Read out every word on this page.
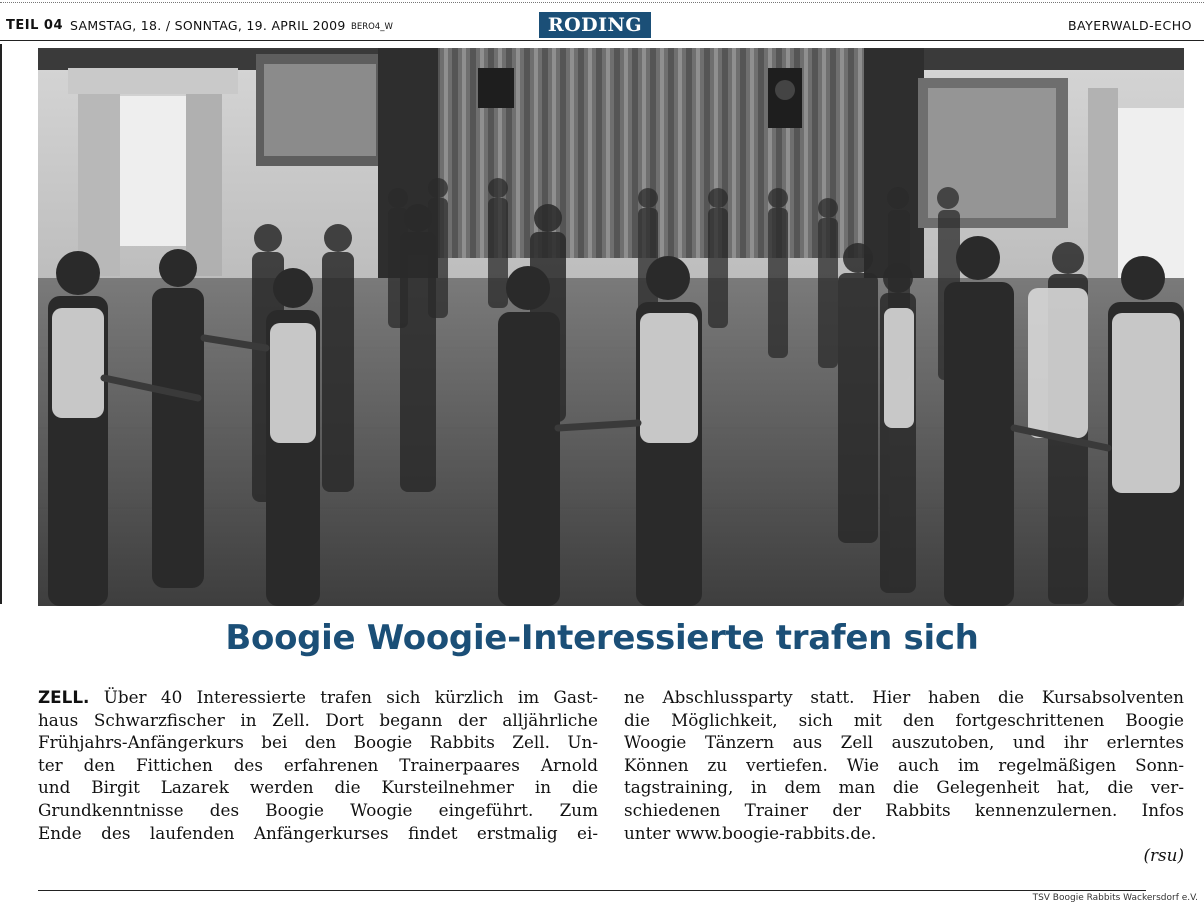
TEIL 04 SAMSTAG, 18. / SONNTAG, 19. APRIL 2009 BERO4_W	RODING	BAYERWALD-ECHO
Boogie Woogie-Interessierte trafen sich
ZELL. Über 40 Interessierte trafen sich kürzlich im Gast-
haus Schwarzfischer in Zell. Dort begann der alljährliche
Frühjahrs-Anfängerkurs bei den Boogie Rabbits Zell. Un-
ter den Fittichen des erfahrenen Trainerpaares Arnold
und Birgit Lazarek werden die Kursteilnehmer in die
Grundkenntnisse des Boogie Woogie eingeführt. Zum
Ende des laufenden Anfängerkurses findet erstmalig ei-
ne Abschlussparty statt. Hier haben die Kursabsolventen
die Möglichkeit, sich mit den fortgeschrittenen Boogie
Woogie Tänzern aus Zell auszutoben, und ihr erlerntes
Können zu vertiefen. Wie auch im regelmäßigen Sonn-
tagstraining, in dem man die Gelegenheit hat, die ver-
schiedenen Trainer der Rabbits kennenzulernen. Infos
unter www.boogie-rabbits.de.
(rsu)
TSV Boogie Rabbits Wackersdorf e.V.
